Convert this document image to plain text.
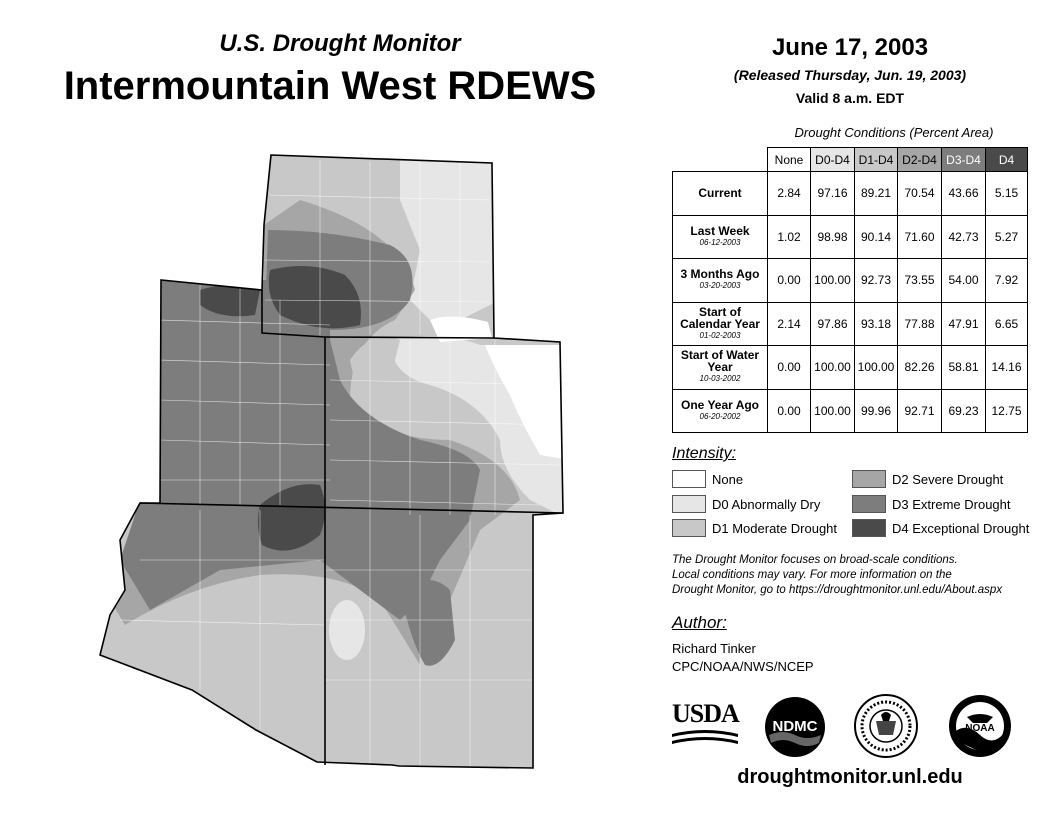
U.S. Drought Monitor
Intermountain West RDEWS
June 17, 2003
(Released Thursday, Jun. 19, 2003)
Valid 8 a.m. EDT
Drought Conditions (Percent Area)
	None	D0-D4	D1-D4	D2-D4	D3-D4	D4
Current	2.84	97.16	89.21	70.54	43.66	5.15
Last Week
06-12-2003	1.02	98.98	90.14	71.60	42.73	5.27
3 Months Ago
03-20-2003	0.00	100.00	92.73	73.55	54.00	7.92
Start of Calendar Year
01-02-2003	2.14	97.86	93.18	77.88	47.91	6.65
Start of Water Year
10-03-2002	0.00	100.00	100.00	82.26	58.81	14.16
One Year Ago
06-20-2002	0.00	100.00	99.96	92.71	69.23	12.75
Intensity:
None
D0 Abnormally Dry
D1 Moderate Drought
D2 Severe Drought
D3 Extreme Drought
D4 Exceptional Drought
The Drought Monitor focuses on broad-scale conditions.
Local conditions may vary. For more information on the
Drought Monitor, go to https://droughtmonitor.unl.edu/About.aspx
Author:
Richard Tinker
CPC/NOAA/NWS/NCEP
USDA NDMC	NOAA
droughtmonitor.unl.edu
